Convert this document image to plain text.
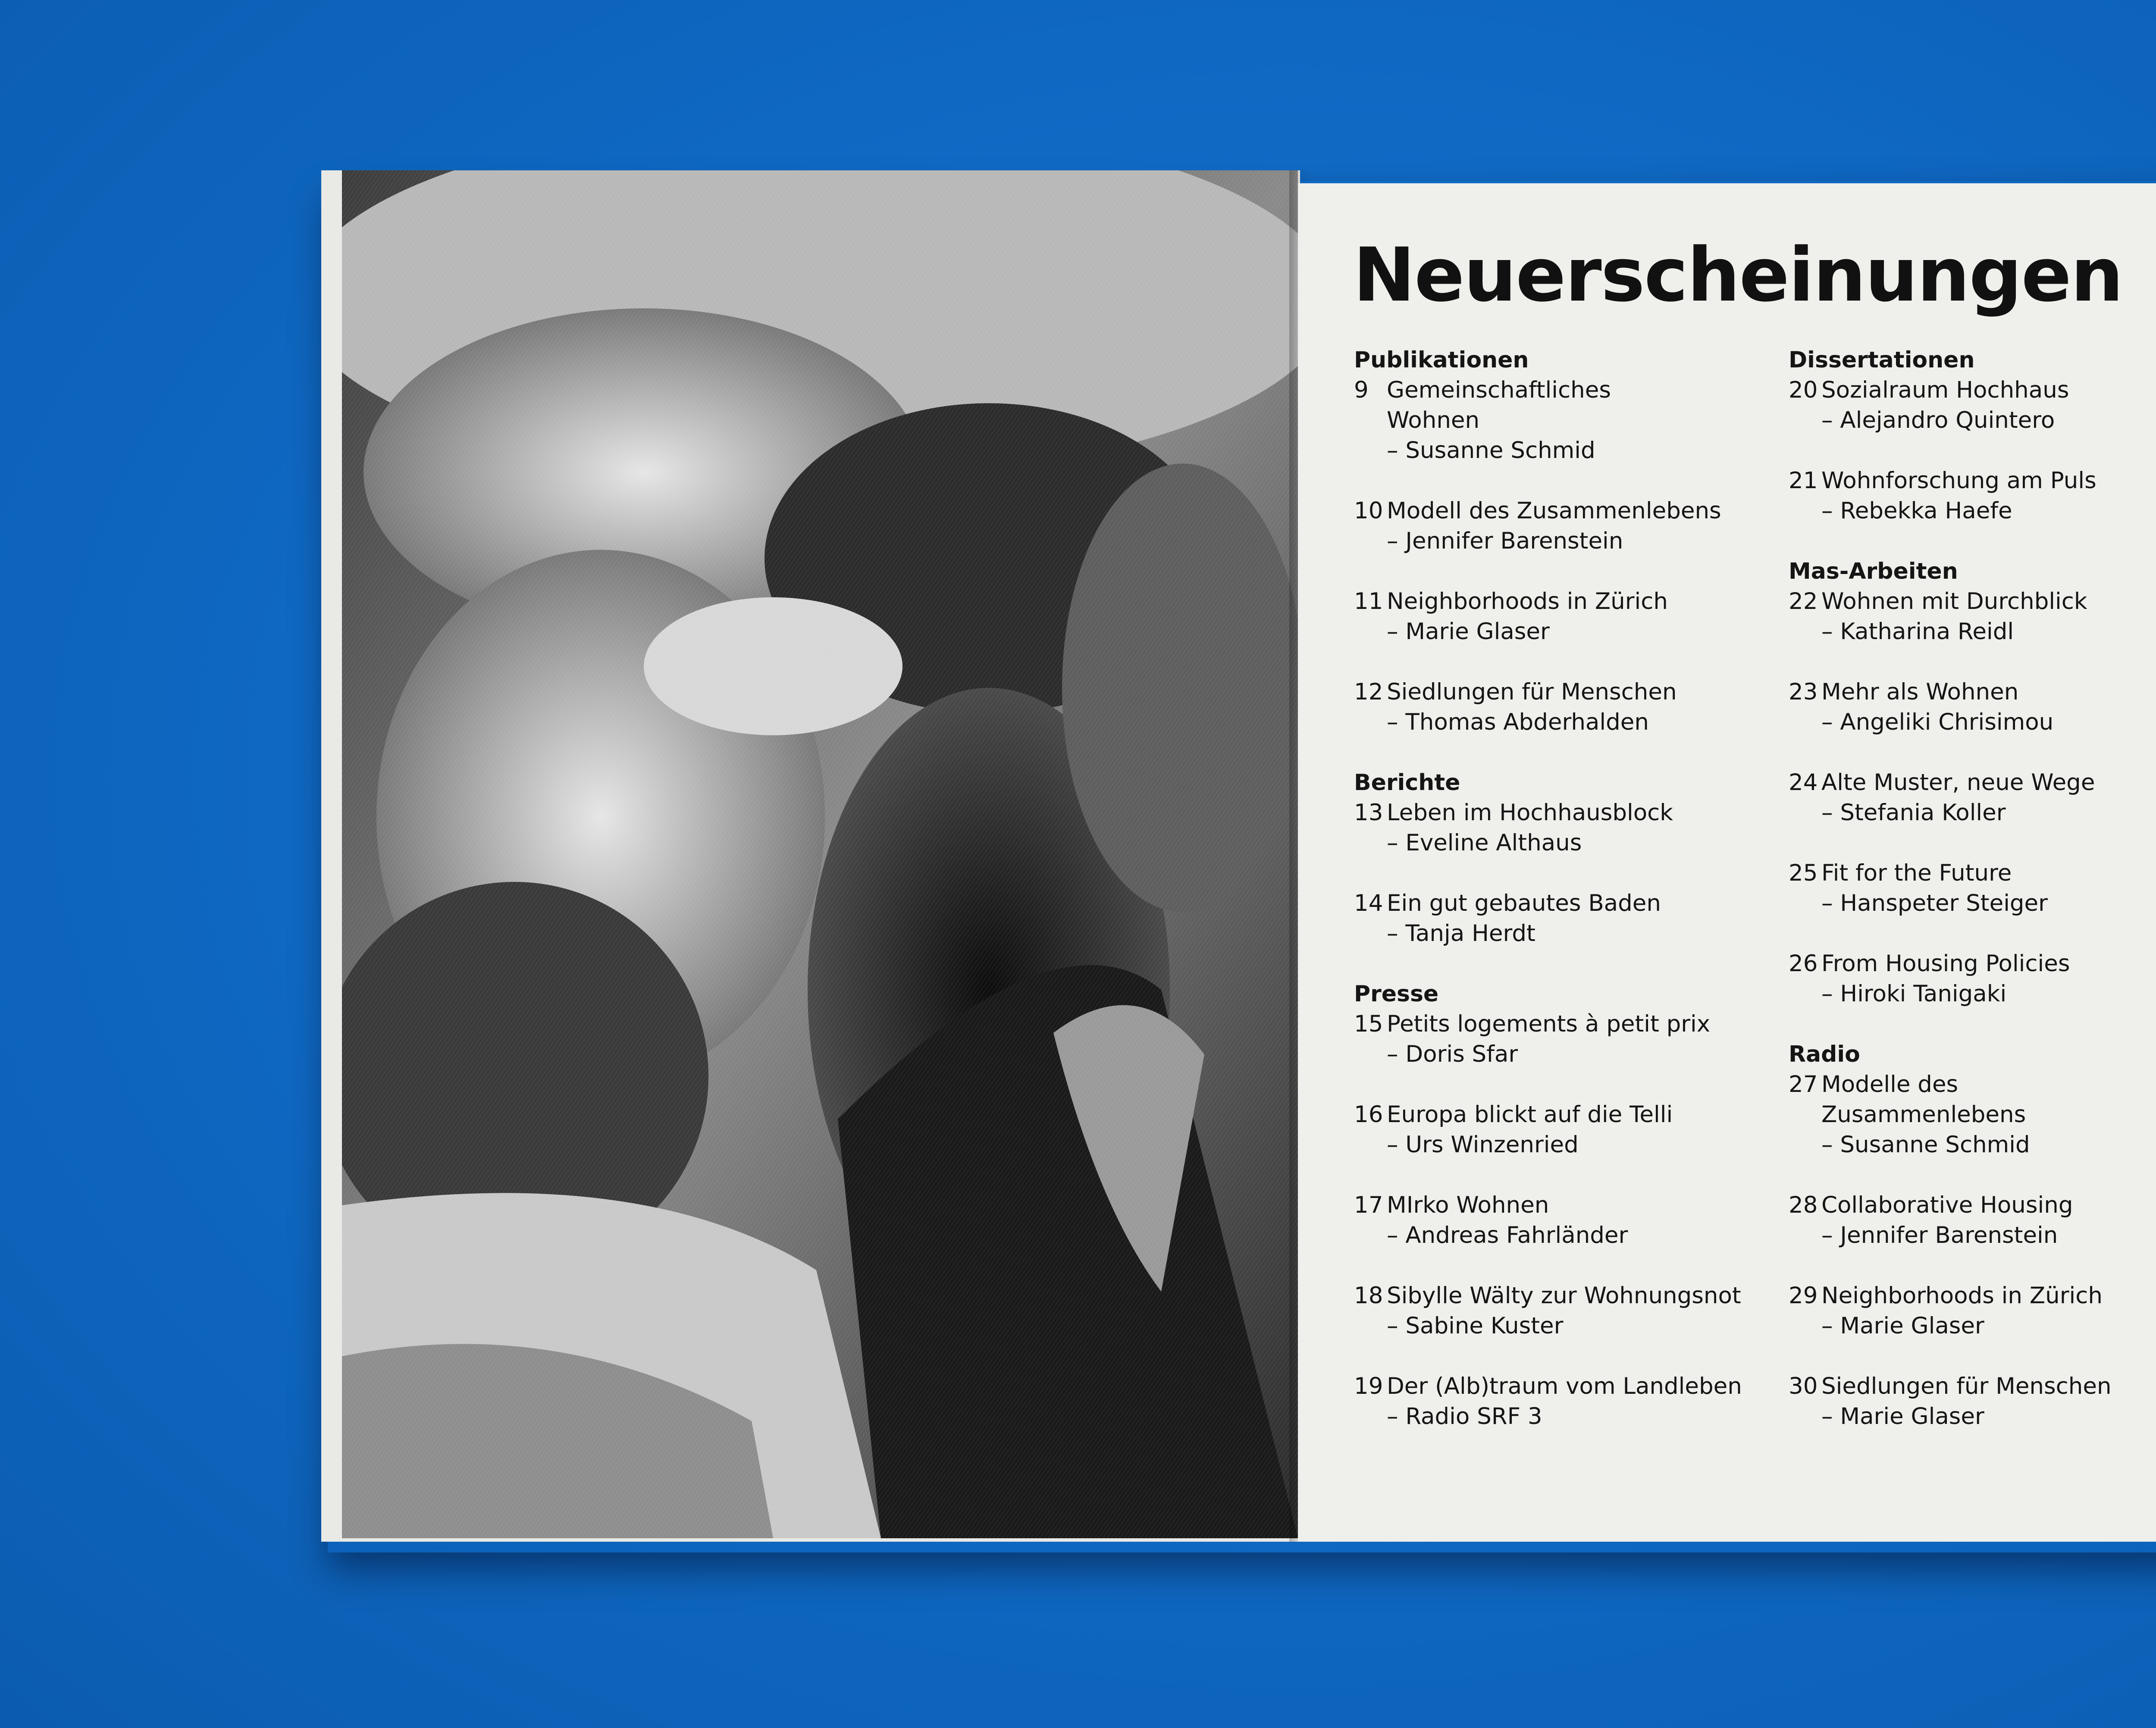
Neuerscheinungen
Publikationen
9 Gemeinschaftliches
Wohnen
– Susanne Schmid
10 Modell des Zusammenlebens
– Jennifer Barenstein
11 Neighborhoods in Zürich
– Marie Glaser
12 Siedlungen für Menschen
– Thomas Abderhalden
Berichte
13 Leben im Hochhausblock
– Eveline Althaus
14 Ein gut gebautes Baden
– Tanja Herdt
Presse
15 Petits logements à petit prix
– Doris Sfar
16 Europa blickt auf die Telli
– Urs Winzenried
17 MIrko Wohnen
– Andreas Fahrländer
18 Sibylle Wälty zur Wohnungsnot
– Sabine Kuster
19 Der (Alb)traum vom Landleben
– Radio SRF 3
Dissertationen
20 Sozialraum Hochhaus
– Alejandro Quintero
21 Wohnforschung am Puls
– Rebekka Haefe
Mas-Arbeiten
22 Wohnen mit Durchblick
– Katharina Reidl
23 Mehr als Wohnen
– Angeliki Chrisimou
24 Alte Muster, neue Wege
– Stefania Koller
25 Fit for the Future
– Hanspeter Steiger
26 From Housing Policies
– Hiroki Tanigaki
Radio
27 Modelle des
Zusammenlebens
– Susanne Schmid
28 Collaborative Housing
– Jennifer Barenstein
29 Neighborhoods in Zürich
– Marie Glaser
30 Siedlungen für Menschen
– Marie Glaser
